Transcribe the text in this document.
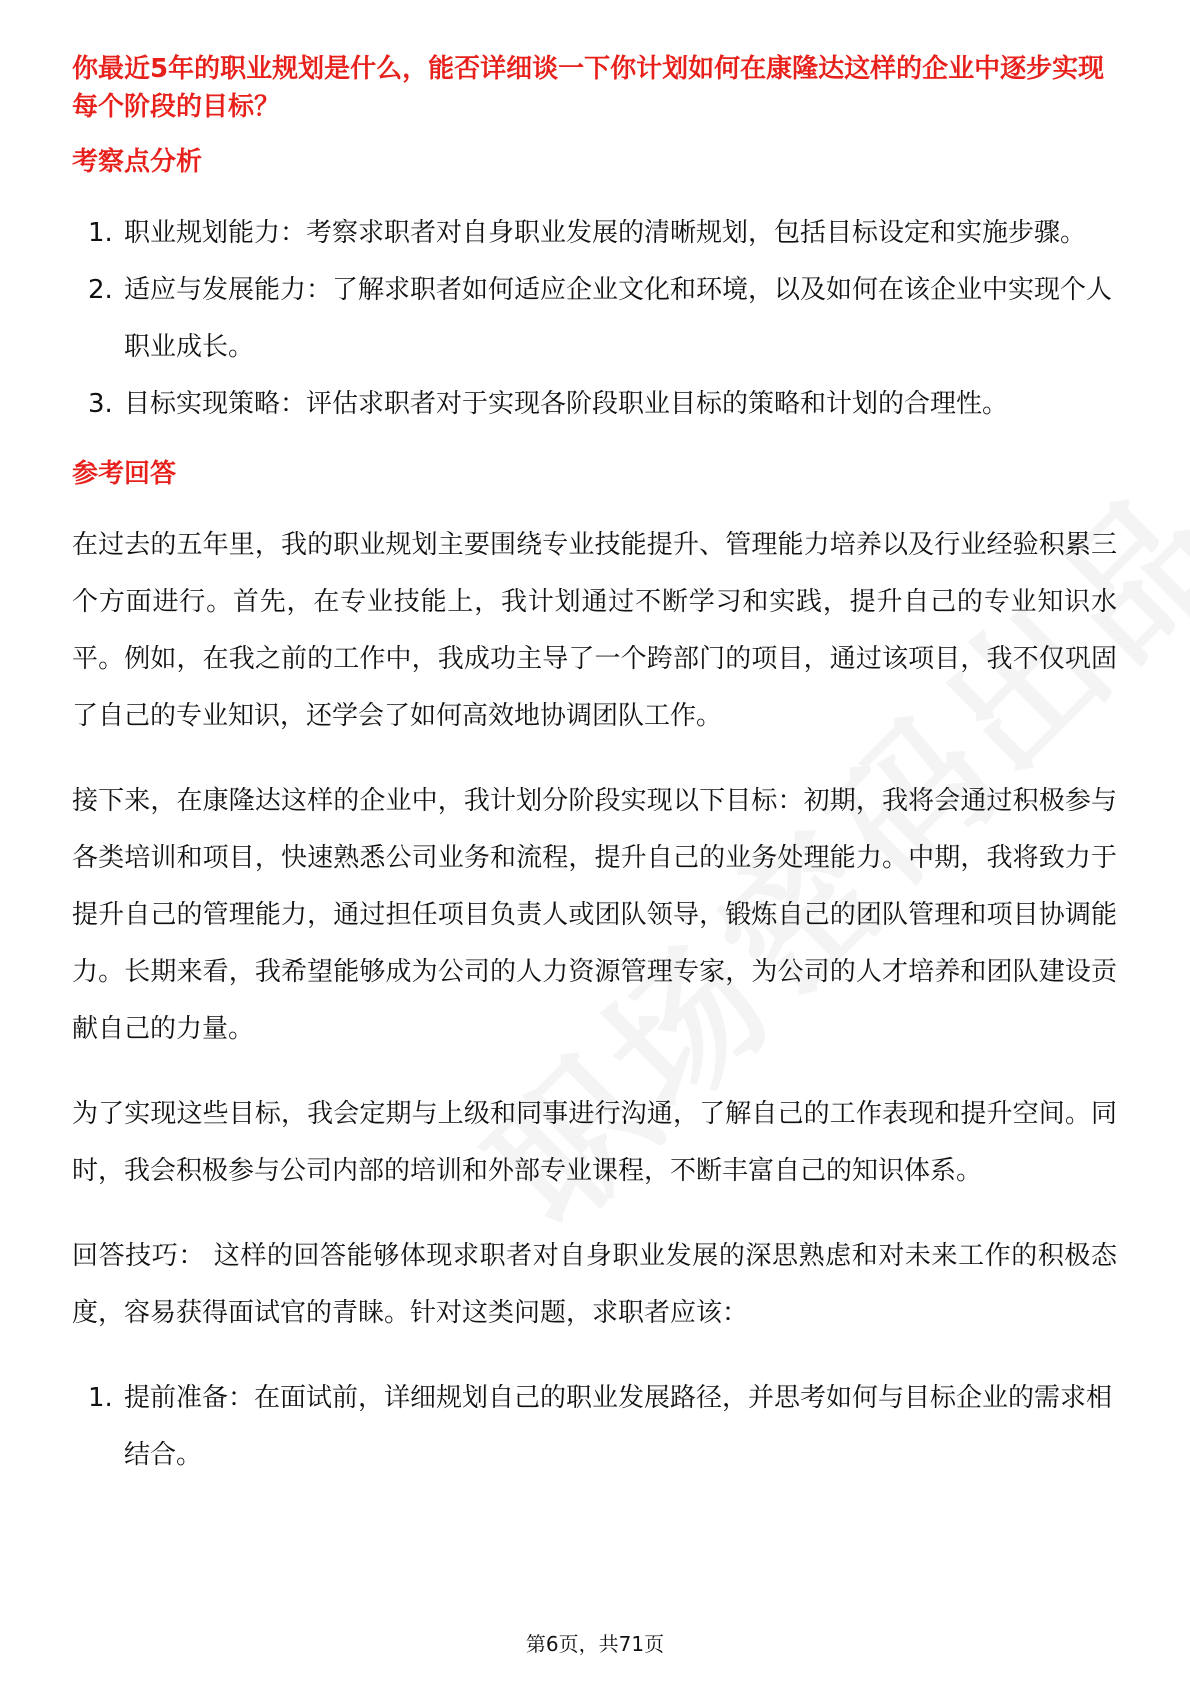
你最近5年的职业规划是什么，能否详细谈一下你计划如何在康隆达这样的企业中逐步实现每个阶段的目标？
考察点分析
1. 职业规划能力：考察求职者对自身职业发展的清晰规划，包括目标设定和实施步骤。
2. 适应与发展能力：了解求职者如何适应企业文化和环境，以及如何在该企业中实现个人职业成长。
3. 目标实现策略：评估求职者对于实现各阶段职业目标的策略和计划的合理性。
参考回答

在过去的五年里，我的职业规划主要围绕专业技能提升、管理能力培养以及行业经验积累三个方面进行。首先，在专业技能上，我计划通过不断学习和实践，提升自己的专业知识水平。例如，在我之前的工作中，我成功主导了一个跨部门的项目，通过该项目，我不仅巩固了自己的专业知识，还学会了如何高效地协调团队工作。

接下来，在康隆达这样的企业中，我计划分阶段实现以下目标：初期，我将会通过积极参与各类培训和项目，快速熟悉公司业务和流程，提升自己的业务处理能力。中期，我将致力于提升自己的管理能力，通过担任项目负责人或团队领导，锻炼自己的团队管理和项目协调能力。长期来看，我希望能够成为公司的人力资源管理专家，为公司的人才培养和团队建设贡献自己的力量。

为了实现这些目标，我会定期与上级和同事进行沟通，了解自己的工作表现和提升空间。同时，我会积极参与公司内部的培训和外部专业课程，不断丰富自己的知识体系。

回答技巧： 这样的回答能够体现求职者对自身职业发展的深思熟虑和对未来工作的积极态度，容易获得面试官的青睐。针对这类问题，求职者应该：

1. 提前准备：在面试前，详细规划自己的职业发展路径，并思考如何与目标企业的需求相结合。
第6页，共71页
